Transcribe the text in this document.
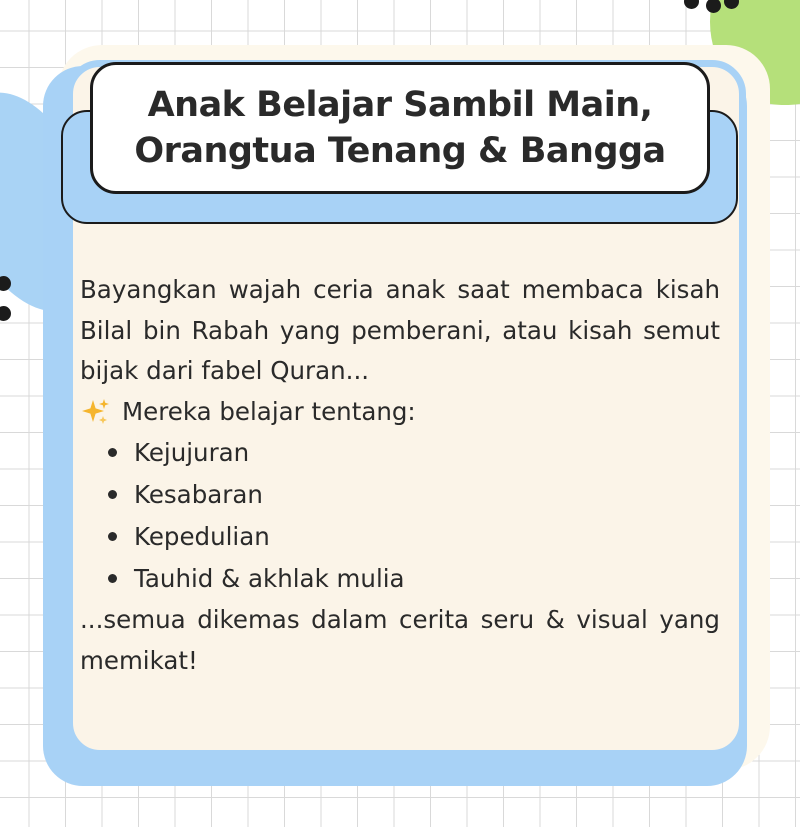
Anak Belajar Sambil Main,
Orangtua Tenang & Bangga

Bayangkan wajah ceria anak saat membaca kisah Bilal bin Rabah yang pemberani, atau kisah semut bijak dari fabel Quran...

Mereka belajar tentang:
Kejujuran
Kesabaran
Kepedulian
Tauhid & akhlak mulia

...semua dikemas dalam cerita seru & visual yang memikat!
